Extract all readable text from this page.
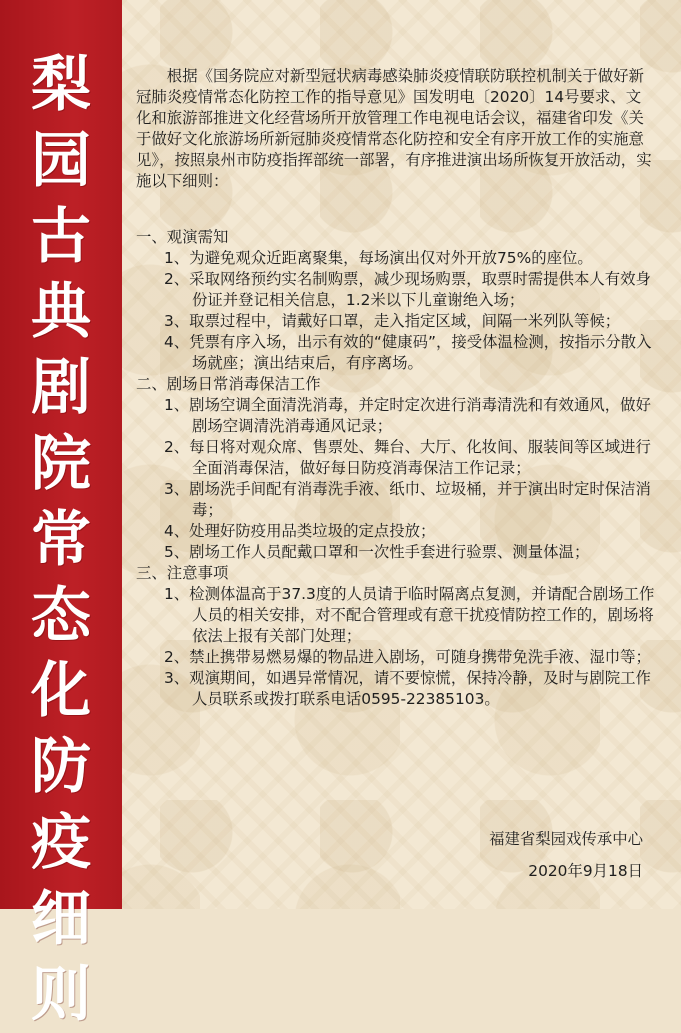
梨
园
古
典
剧
院
常
态
化
防
疫
细
则

根据《国务院应对新型冠状病毒感染肺炎疫情联防联控机制关于做好新冠肺炎疫情常态化防控工作的指导意见》国发明电〔2020〕14号要求、文化和旅游部推进文化经营场所开放管理工作电视电话会议，福建省印发《关于做好文化旅游场所新冠肺炎疫情常态化防控和安全有序开放工作的实施意见》，按照泉州市防疫指挥部统一部署，有序推进演出场所恢复开放活动，实施以下细则：

一、观演需知

1、为避免观众近距离聚集，每场演出仅对外开放75%的座位。

2、采取网络预约实名制购票，减少现场购票，取票时需提供本人有效身份证并登记相关信息，1.2米以下儿童谢绝入场；

3、取票过程中，请戴好口罩，走入指定区域，间隔一米列队等候；

4、凭票有序入场，出示有效的“健康码”，接受体温检测，按指示分散入场就座；演出结束后，有序离场。

二、剧场日常消毒保洁工作

1、剧场空调全面清洗消毒，并定时定次进行消毒清洗和有效通风，做好剧场空调清洗消毒通风记录；

2、每日将对观众席、售票处、舞台、大厅、化妆间、服装间等区域进行全面消毒保洁，做好每日防疫消毒保洁工作记录；

3、剧场洗手间配有消毒洗手液、纸巾、垃圾桶，并于演出时定时保洁消毒；

4、处理好防疫用品类垃圾的定点投放；

5、剧场工作人员配戴口罩和一次性手套进行验票、测量体温；

三、注意事项

1、检测体温高于37.3度的人员请于临时隔离点复测，并请配合剧场工作人员的相关安排，对不配合管理或有意干扰疫情防控工作的，剧场将依法上报有关部门处理；

2、禁止携带易燃易爆的物品进入剧场，可随身携带免洗手液、湿巾等；

3、观演期间，如遇异常情况，请不要惊慌，保持冷静，及时与剧院工作人员联系或拨打联系电话0595-22385103。

福建省梨园戏传承中心
2020年9月18日
